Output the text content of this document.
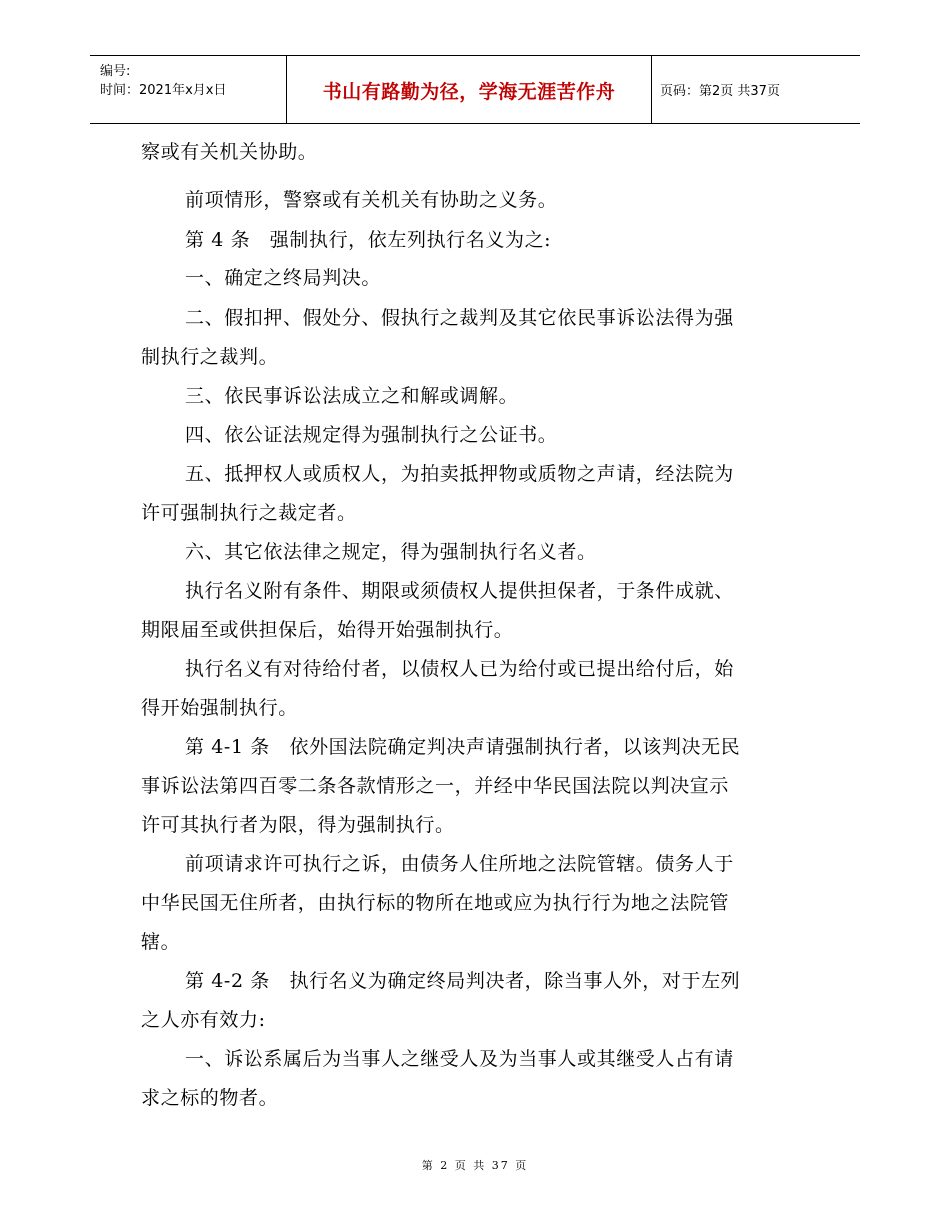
编号:
时间：2021年x月x日	书山有路勤为径，学海无涯苦作舟	页码：第2页 共37页
察或有关机关协助。
前项情形，警察或有关机关有协助之义务。
第 4 条　强制执行，依左列执行名义为之:
一、确定之终局判决。
二、假扣押、假处分、假执行之裁判及其它依民事诉讼法得为强
制执行之裁判。
三、依民事诉讼法成立之和解或调解。
四、依公证法规定得为强制执行之公证书。
五、抵押权人或质权人，为拍卖抵押物或质物之声请，经法院为
许可强制执行之裁定者。
六、其它依法律之规定，得为强制执行名义者。
执行名义附有条件、期限或须债权人提供担保者，于条件成就、
期限届至或供担保后，始得开始强制执行。
执行名义有对待给付者，以债权人已为给付或已提出给付后，始
得开始强制执行。
第 4-1 条　依外国法院确定判决声请强制执行者，以该判决无民
事诉讼法第四百零二条各款情形之一，并经中华民国法院以判决宣示
许可其执行者为限，得为强制执行。
前项请求许可执行之诉，由债务人住所地之法院管辖。债务人于
中华民国无住所者，由执行标的物所在地或应为执行行为地之法院管
辖。
第 4-2 条　执行名义为确定终局判决者，除当事人外，对于左列
之人亦有效力:
一、诉讼系属后为当事人之继受人及为当事人或其继受人占有请
求之标的物者。
第 2 页 共 37 页
